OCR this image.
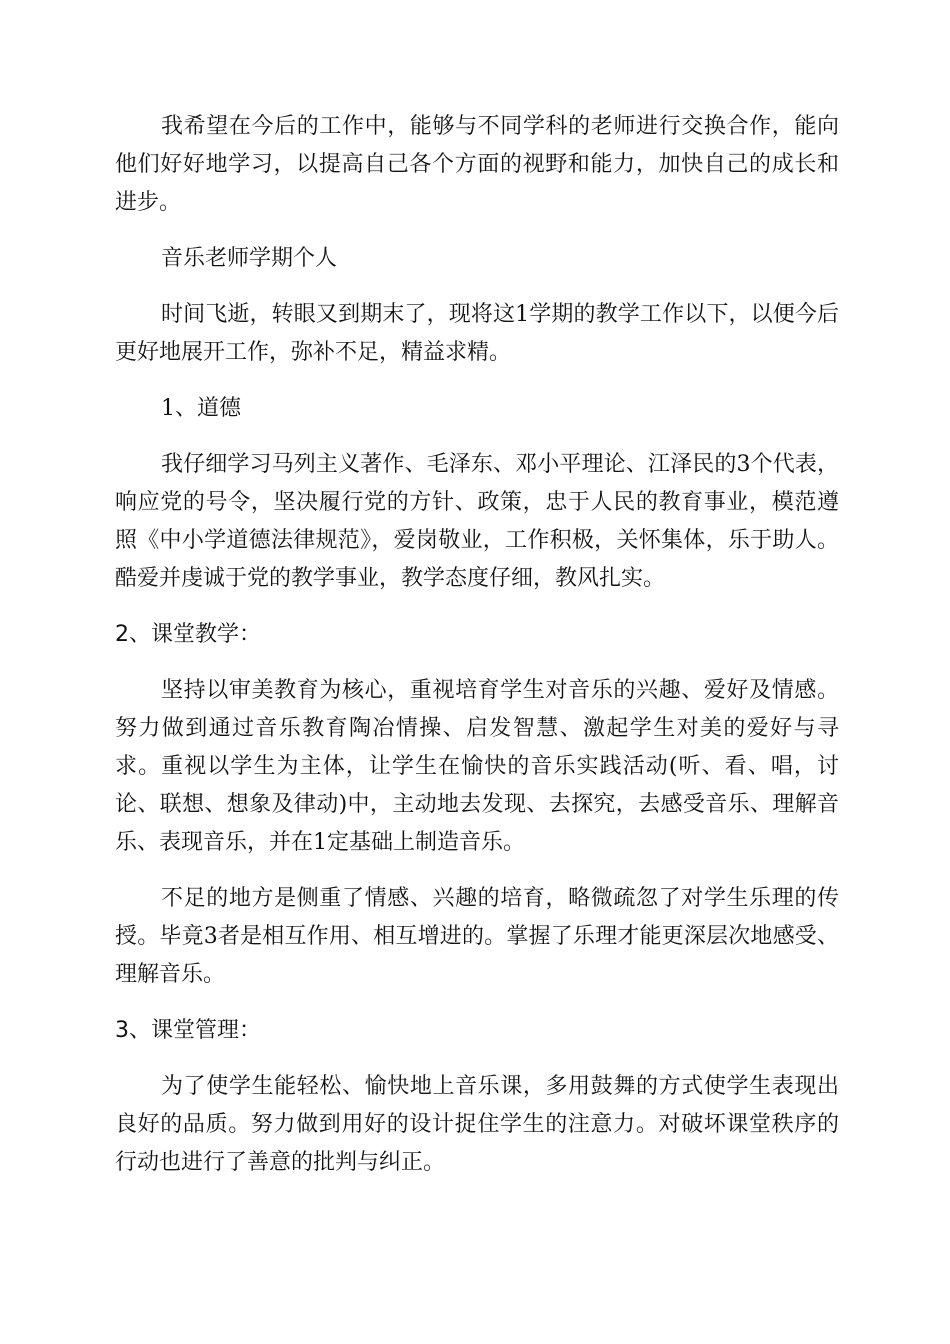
我希望在今后的工作中，能够与不同学科的老师进行交换合作，能向他们好好地学习，以提高自己各个方面的视野和能力，加快自己的成长和进步。

音乐老师学期个人

时间飞逝，转眼又到期末了，现将这1学期的教学工作以下，以便今后更好地展开工作，弥补不足，精益求精。

1、道德

我仔细学习马列主义著作、毛泽东、邓小平理论、江泽民的3个代表，响应党的号令，坚决履行党的方针、政策，忠于人民的教育事业，模范遵照《中小学道德法律规范》，爱岗敬业，工作积极，关怀集体，乐于助人。酷爱并虔诚于党的教学事业，教学态度仔细，教风扎实。

2、课堂教学：

坚持以审美教育为核心，重视培育学生对音乐的兴趣、爱好及情感。努力做到通过音乐教育陶冶情操、启发智慧、激起学生对美的爱好与寻求。重视以学生为主体，让学生在愉快的音乐实践活动(听、看、唱，讨论、联想、想象及律动)中，主动地去发现、去探究，去感受音乐、理解音乐、表现音乐，并在1定基础上制造音乐。

不足的地方是侧重了情感、兴趣的培育，略微疏忽了对学生乐理的传授。毕竟3者是相互作用、相互增进的。掌握了乐理才能更深层次地感受、理解音乐。

3、课堂管理：

为了使学生能轻松、愉快地上音乐课，多用鼓舞的方式使学生表现出良好的品质。努力做到用好的设计捉住学生的注意力。对破坏课堂秩序的行动也进行了善意的批判与纠正。
